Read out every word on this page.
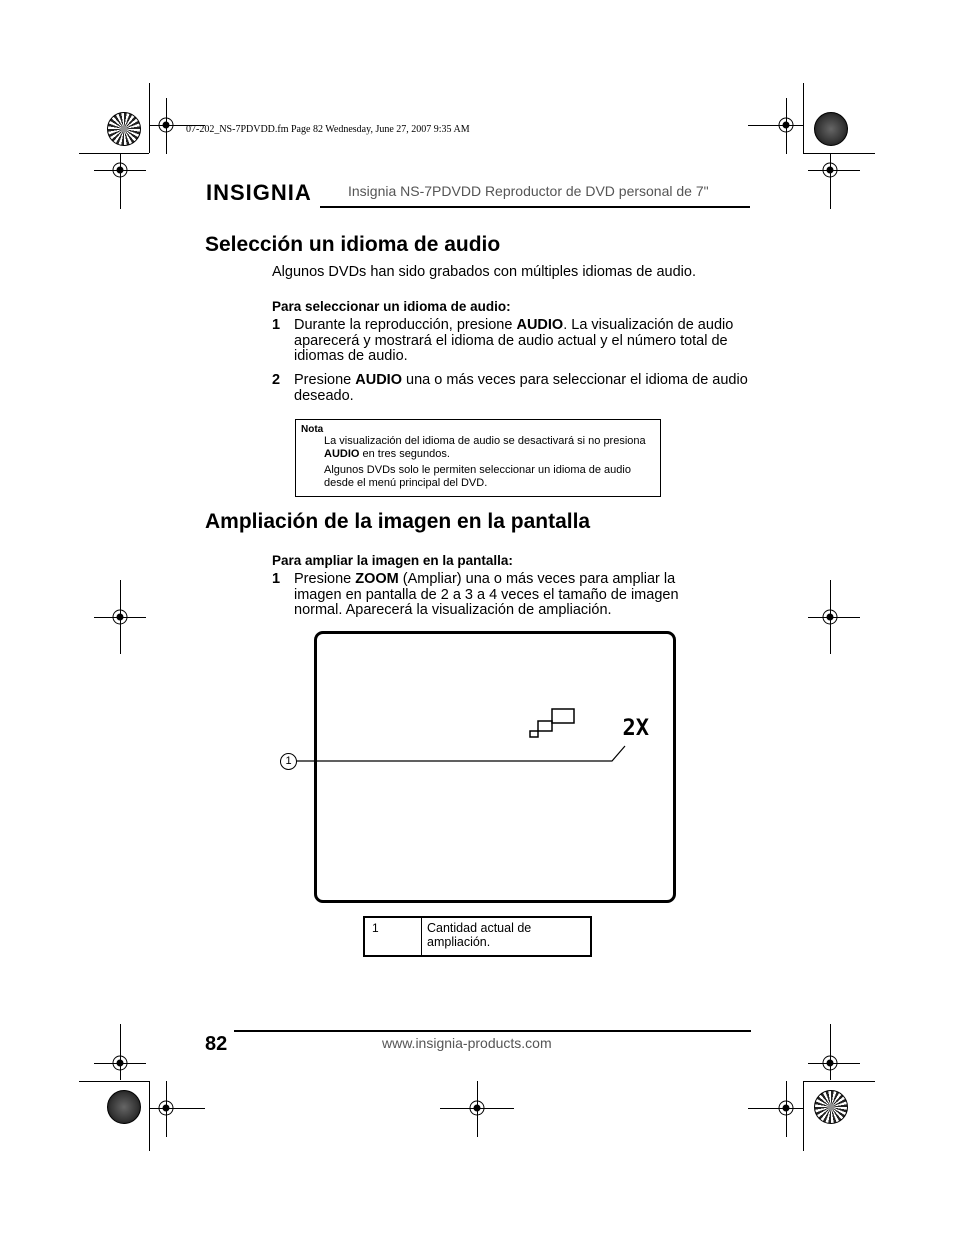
07-202_NS-7PDVDD.fm Page 82 Wednesday, June 27, 2007 9:35 AM
INSIGNIA	Insignia NS-7PDVDD Reproductor de DVD personal de 7"
Selección un idioma de audio
Algunos DVDs han sido grabados con múltiples idiomas de audio.
Para seleccionar un idioma de audio:
1 Durante la reproducción, presione AUDIO. La visualización de audio aparecerá y mostrará el idioma de audio actual y el número total de idiomas de audio.
2 Presione AUDIO una o más veces para seleccionar el idioma de audio deseado.
Nota
La visualización del idioma de audio se desactivará si no presiona AUDIO en tres segundos.
Algunos DVDs solo le permiten seleccionar un idioma de audio desde el menú principal del DVD.
Ampliación de la imagen en la pantalla
Para ampliar la imagen en la pantalla:
1 Presione ZOOM (Ampliar) una o más veces para ampliar la imagen en pantalla de 2 a 3 a 4 veces el tamaño de imagen normal. Aparecerá la visualización de ampliación.
2X
1
1	Cantidad actual de ampliación.
82	www.insignia-products.com
